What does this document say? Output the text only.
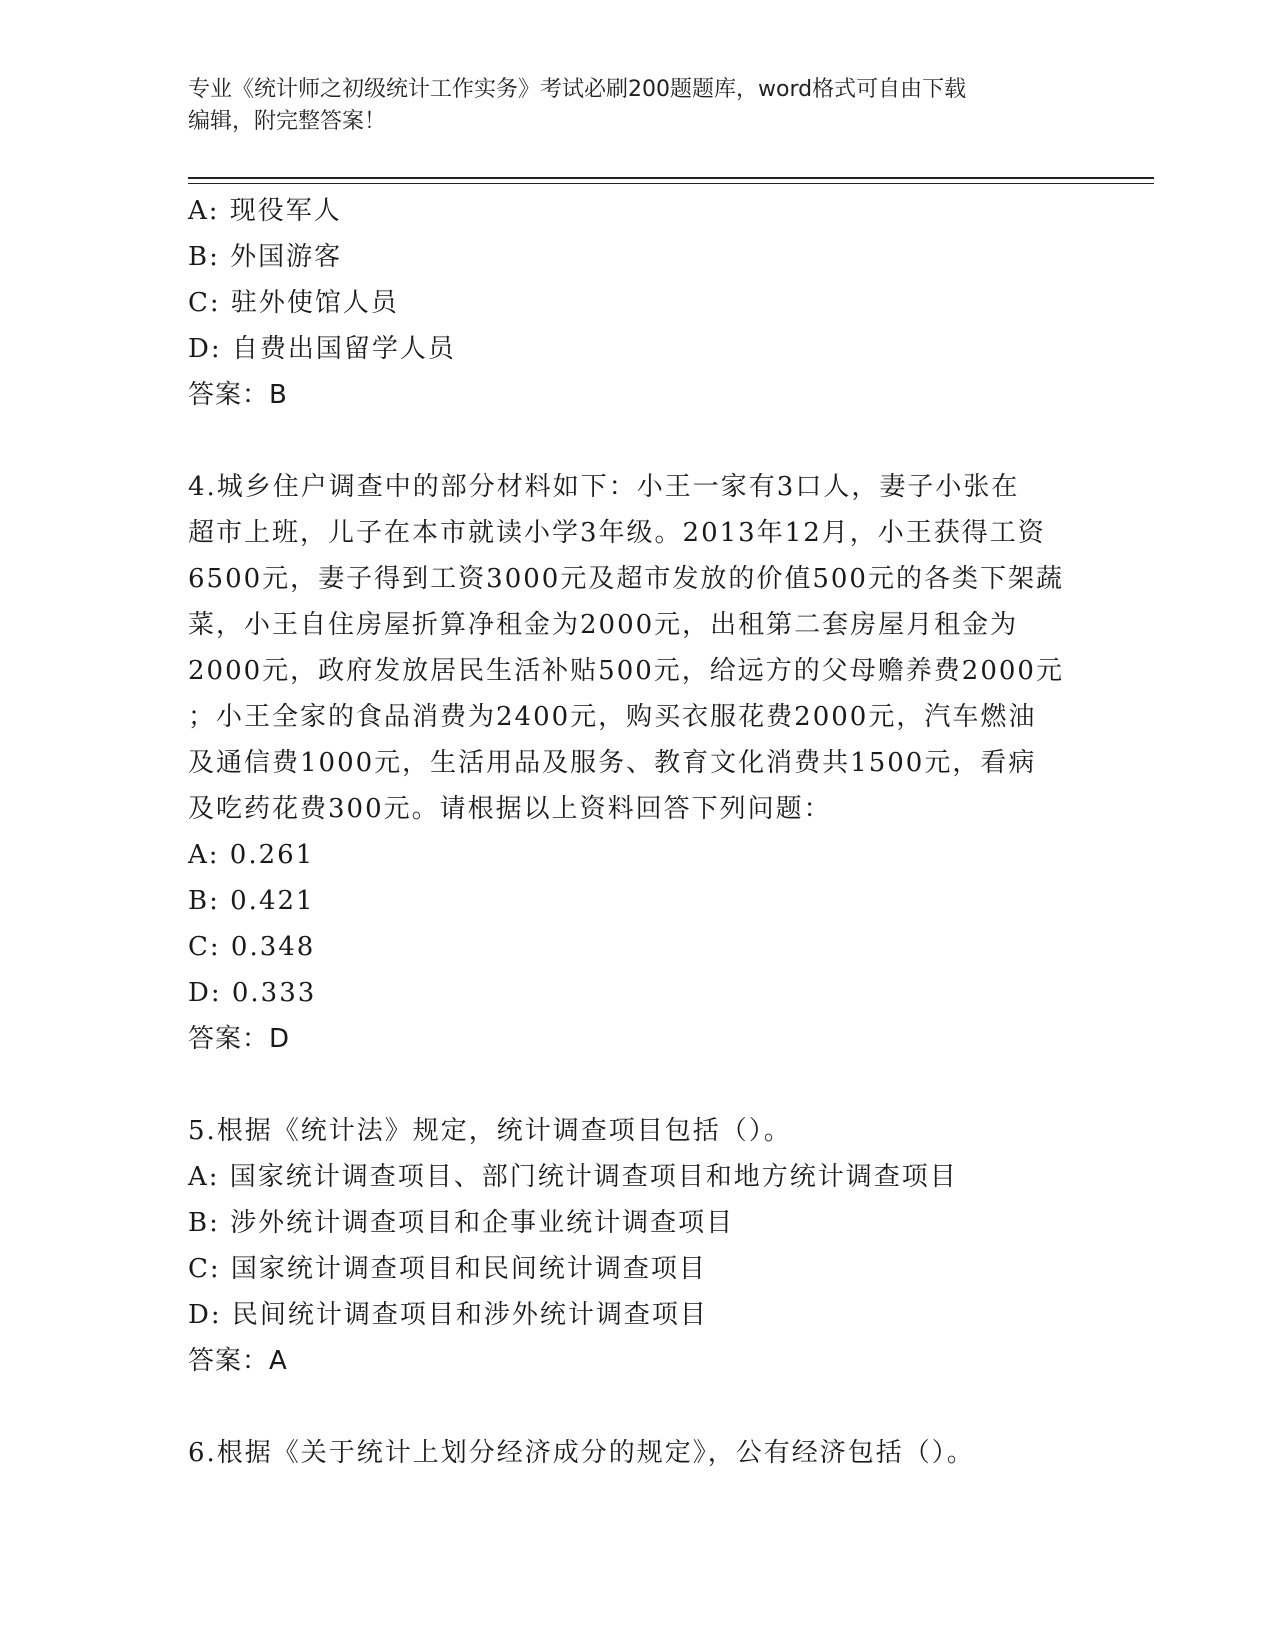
专业《统计师之初级统计工作实务》考试必刷200题题库，word格式可自由下载
编辑，附完整答案！
A: 现役军人
B: 外国游客
C: 驻外使馆人员
D: 自费出国留学人员
答案：B
4.城乡住户调查中的部分材料如下：小王一家有3口人，妻子小张在
超市上班，儿子在本市就读小学3年级。2013年12月，小王获得工资
6500元，妻子得到工资3000元及超市发放的价值500元的各类下架蔬
菜，小王自住房屋折算净租金为2000元，出租第二套房屋月租金为
2000元，政府发放居民生活补贴500元，给远方的父母赡养费2000元
；小王全家的食品消费为2400元，购买衣服花费2000元，汽车燃油
及通信费1000元，生活用品及服务、教育文化消费共1500元，看病
及吃药花费300元。请根据以上资料回答下列问题：
A: 0.261
B: 0.421
C: 0.348
D: 0.333
答案：D
5.根据《统计法》规定，统计调查项目包括（）。
A: 国家统计调查项目、部门统计调查项目和地方统计调查项目
B: 涉外统计调查项目和企事业统计调查项目
C: 国家统计调查项目和民间统计调查项目
D: 民间统计调查项目和涉外统计调查项目
答案：A
6.根据《关于统计上划分经济成分的规定》，公有经济包括（）。
